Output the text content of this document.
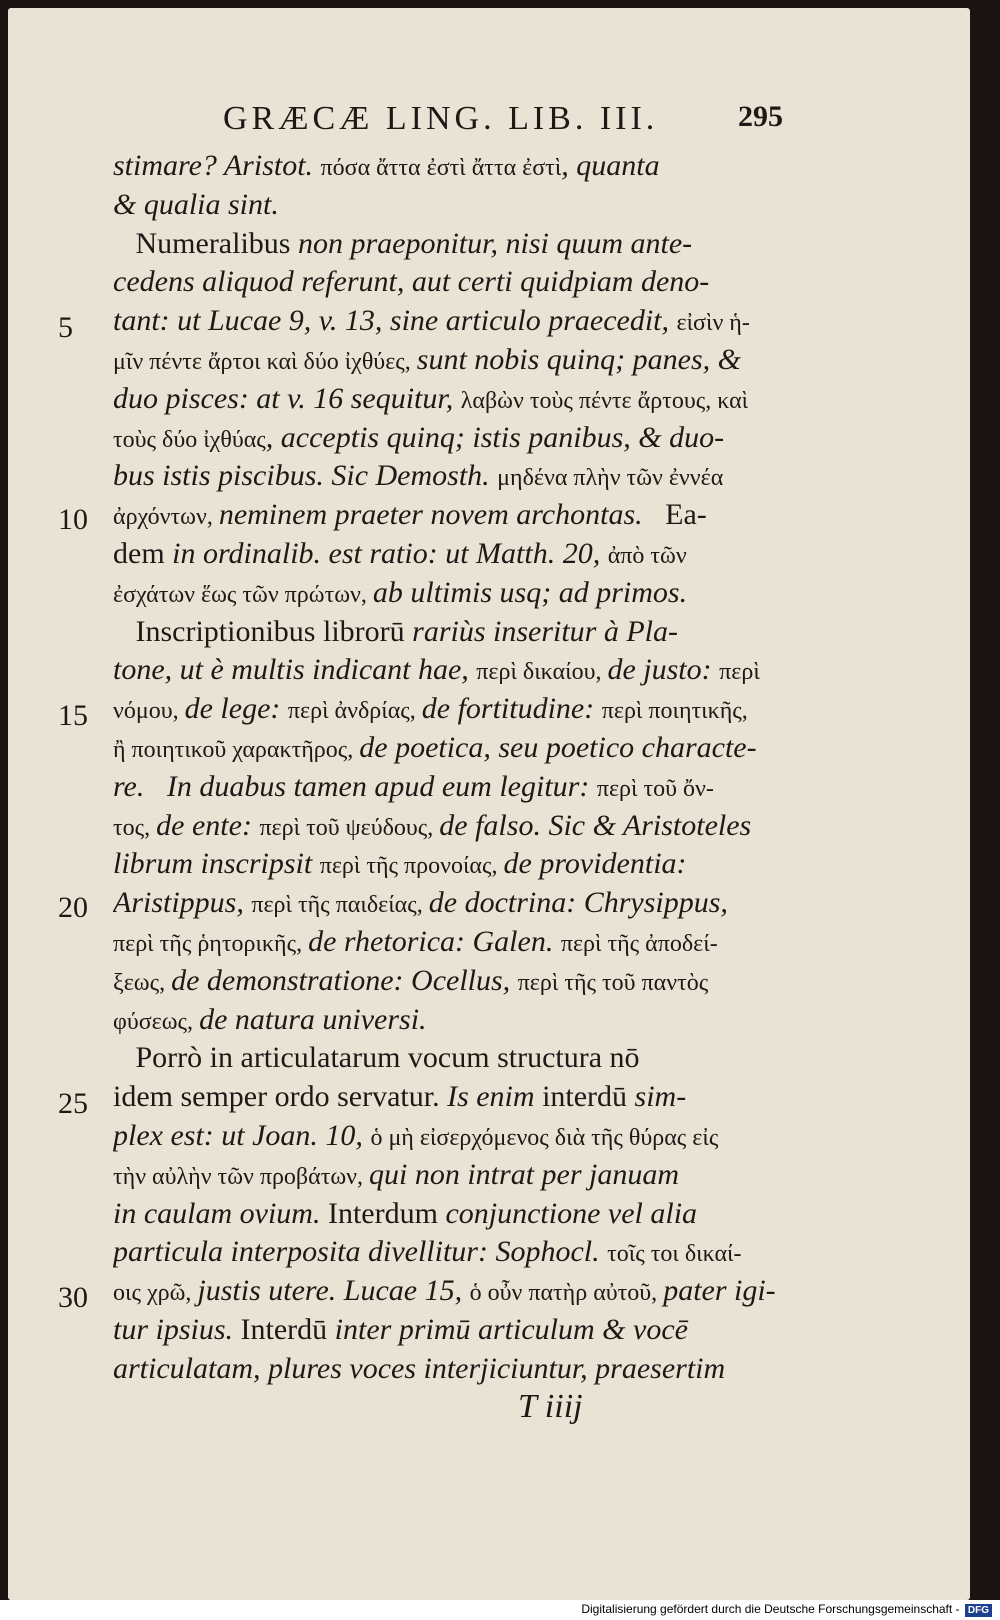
GRÆCÆ LING. LIB. III.	295
stimare? Aristot. πόσα ἄττα ἐστὶ ἄττα ἐστὶ, quanta
& qualia sint.
Numeralibus non praeponitur, nisi quum ante-
cedens aliquod referunt, aut certi quidpiam deno-
tant: ut Lucae 9, v. 13, sine articulo praecedit, εἰσὶν ἡ-
μῖν πέντε ἄρτοι καὶ δύο ἰχθύες, sunt nobis quinq; panes, &
duo pisces: at v. 16 sequitur, λαβὼν τοὺς πέντε ἄρτους, καὶ
τοὺς δύο ἰχθύας, acceptis quinq; istis panibus, & duo-
bus istis piscibus. Sic Demosth. μηδένα πλὴν τῶν ἐννέα
ἀρχόντων, neminem praeter novem archontas.   Ea-
dem in ordinalib. est ratio: ut Matth. 20, ἀπὸ τῶν
ἐσχάτων ἕως τῶν πρώτων, ab ultimis usq; ad primos.
Inscriptionibus librorū rariùs inseritur à Pla-
tone, ut è multis indicant hae, περὶ δικαίου, de justo: περὶ
νόμου, de lege: περὶ ἀνδρίας, de fortitudine: περὶ ποιητικῆς,
ἢ ποιητικοῦ χαρακτῆρος, de poetica, seu poetico characte-
re.   In duabus tamen apud eum legitur: περὶ τοῦ ὄν-
τος, de ente: περὶ τοῦ ψεύδους, de falso. Sic & Aristoteles
librum inscripsit περὶ τῆς προνοίας, de providentia:
Aristippus, περὶ τῆς παιδείας, de doctrina: Chrysippus,
περὶ τῆς ῥητορικῆς, de rhetorica: Galen. περὶ τῆς ἀποδεί-
ξεως, de demonstratione: Ocellus, περὶ τῆς τοῦ παντὸς
φύσεως, de natura universi.
Porrò in articulatarum vocum structura nō
idem semper ordo servatur. Is enim interdū sim-
plex est: ut Joan. 10, ὁ μὴ εἰσερχόμενος διὰ τῆς θύρας εἰς
τὴν αὐλὴν τῶν προβάτων, qui non intrat per januam
in caulam ovium. Interdum conjunctione vel alia
particula interposita divellitur: Sophocl. τοῖς τοι δικαί-
οις χρῶ, justis utere. Lucae 15, ὁ οὖν πατὴρ αὐτοῦ, pater igi-
tur ipsius. Interdū inter primū articulum & vocē
articulatam, plures voces interjiciuntur, praesertim
5
10
15
20
25
30
T iiij
Digitalisierung gefördert durch die Deutsche Forschungsgemeinschaft - DFG
